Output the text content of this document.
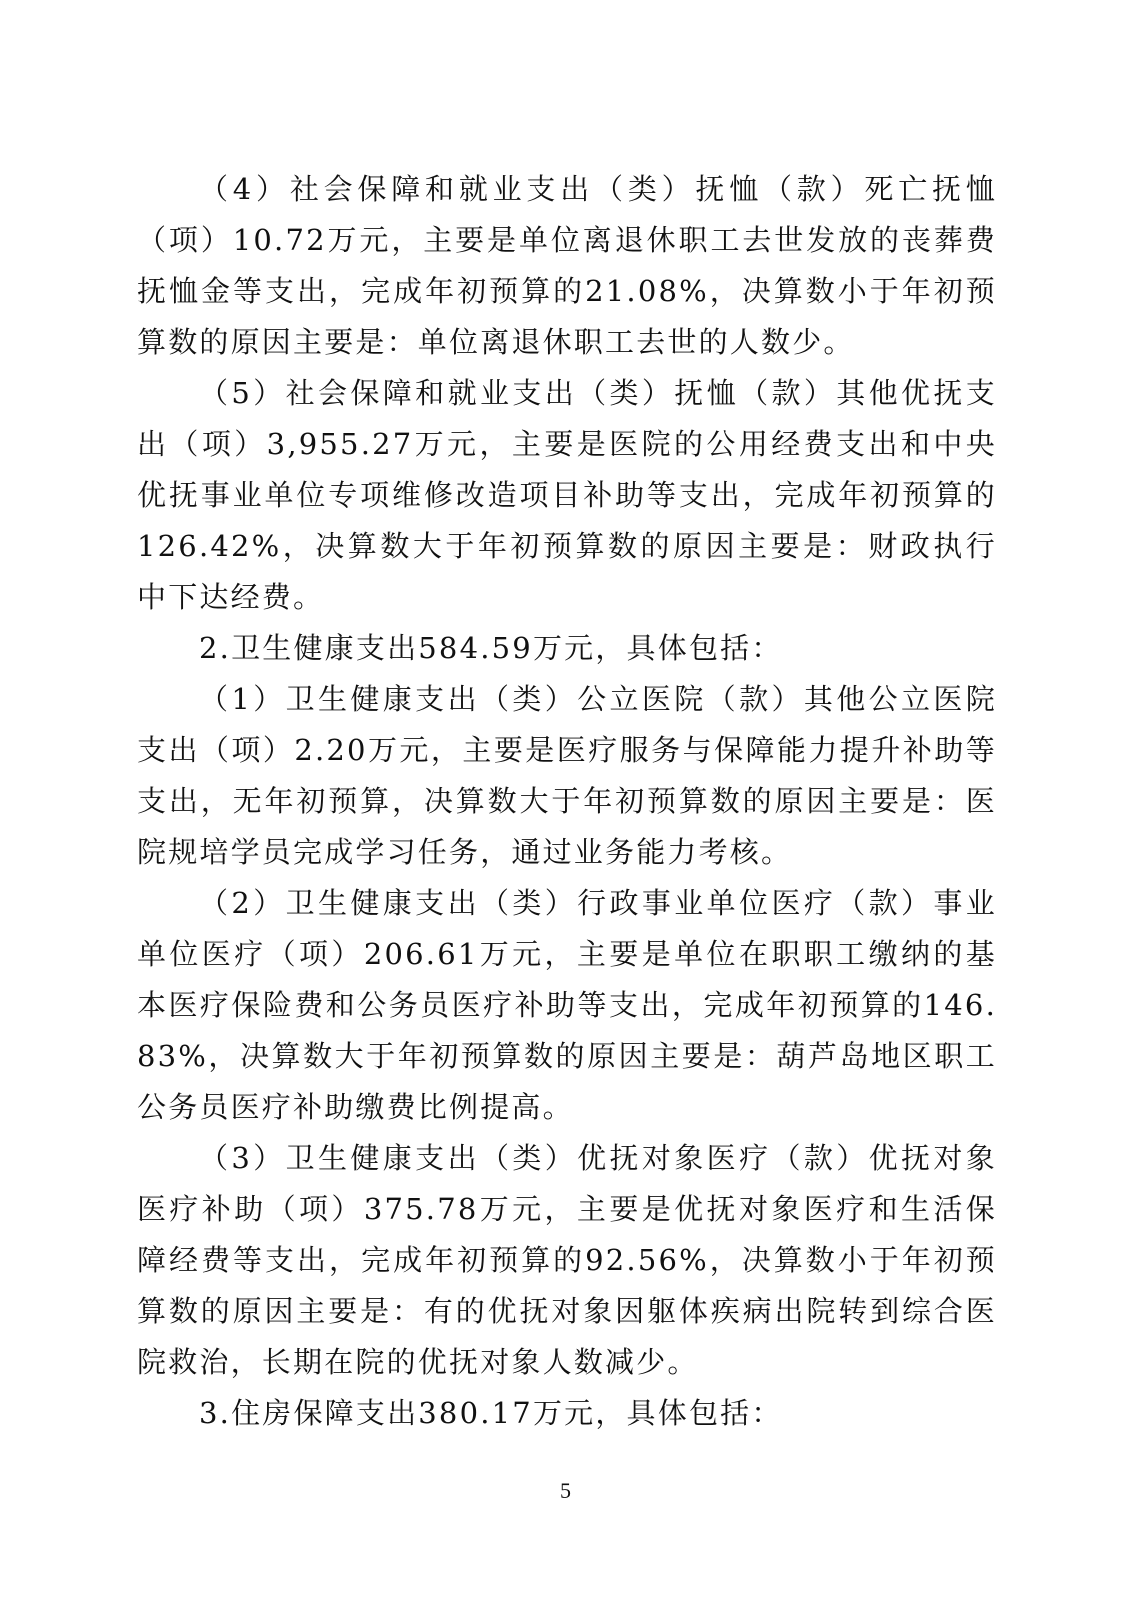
（4）社会保障和就业支出（类）抚恤（款）死亡抚恤（项）10.72万元，主要是单位离退休职工去世发放的丧葬费抚恤金等支出，完成年初预算的21.08%，决算数小于年初预算数的原因主要是：单位离退休职工去世的人数少。

（5）社会保障和就业支出（类）抚恤（款）其他优抚支出（项）3,955.27万元，主要是医院的公用经费支出和中央优抚事业单位专项维修改造项目补助等支出，完成年初预算的126.42%，决算数大于年初预算数的原因主要是：财政执行中下达经费。

2.卫生健康支出584.59万元，具体包括：

（1）卫生健康支出（类）公立医院（款）其他公立医院支出（项）2.20万元，主要是医疗服务与保障能力提升补助等支出，无年初预算，决算数大于年初预算数的原因主要是：医院规培学员完成学习任务，通过业务能力考核。

（2）卫生健康支出（类）行政事业单位医疗（款）事业单位医疗（项）206.61万元，主要是单位在职职工缴纳的基本医疗保险费和公务员医疗补助等支出，完成年初预算的146.83%，决算数大于年初预算数的原因主要是：葫芦岛地区职工公务员医疗补助缴费比例提高。

（3）卫生健康支出（类）优抚对象医疗（款）优抚对象医疗补助（项）375.78万元，主要是优抚对象医疗和生活保障经费等支出，完成年初预算的92.56%，决算数小于年初预算数的原因主要是：有的优抚对象因躯体疾病出院转到综合医院救治，长期在院的优抚对象人数减少。

3.住房保障支出380.17万元，具体包括：

5
